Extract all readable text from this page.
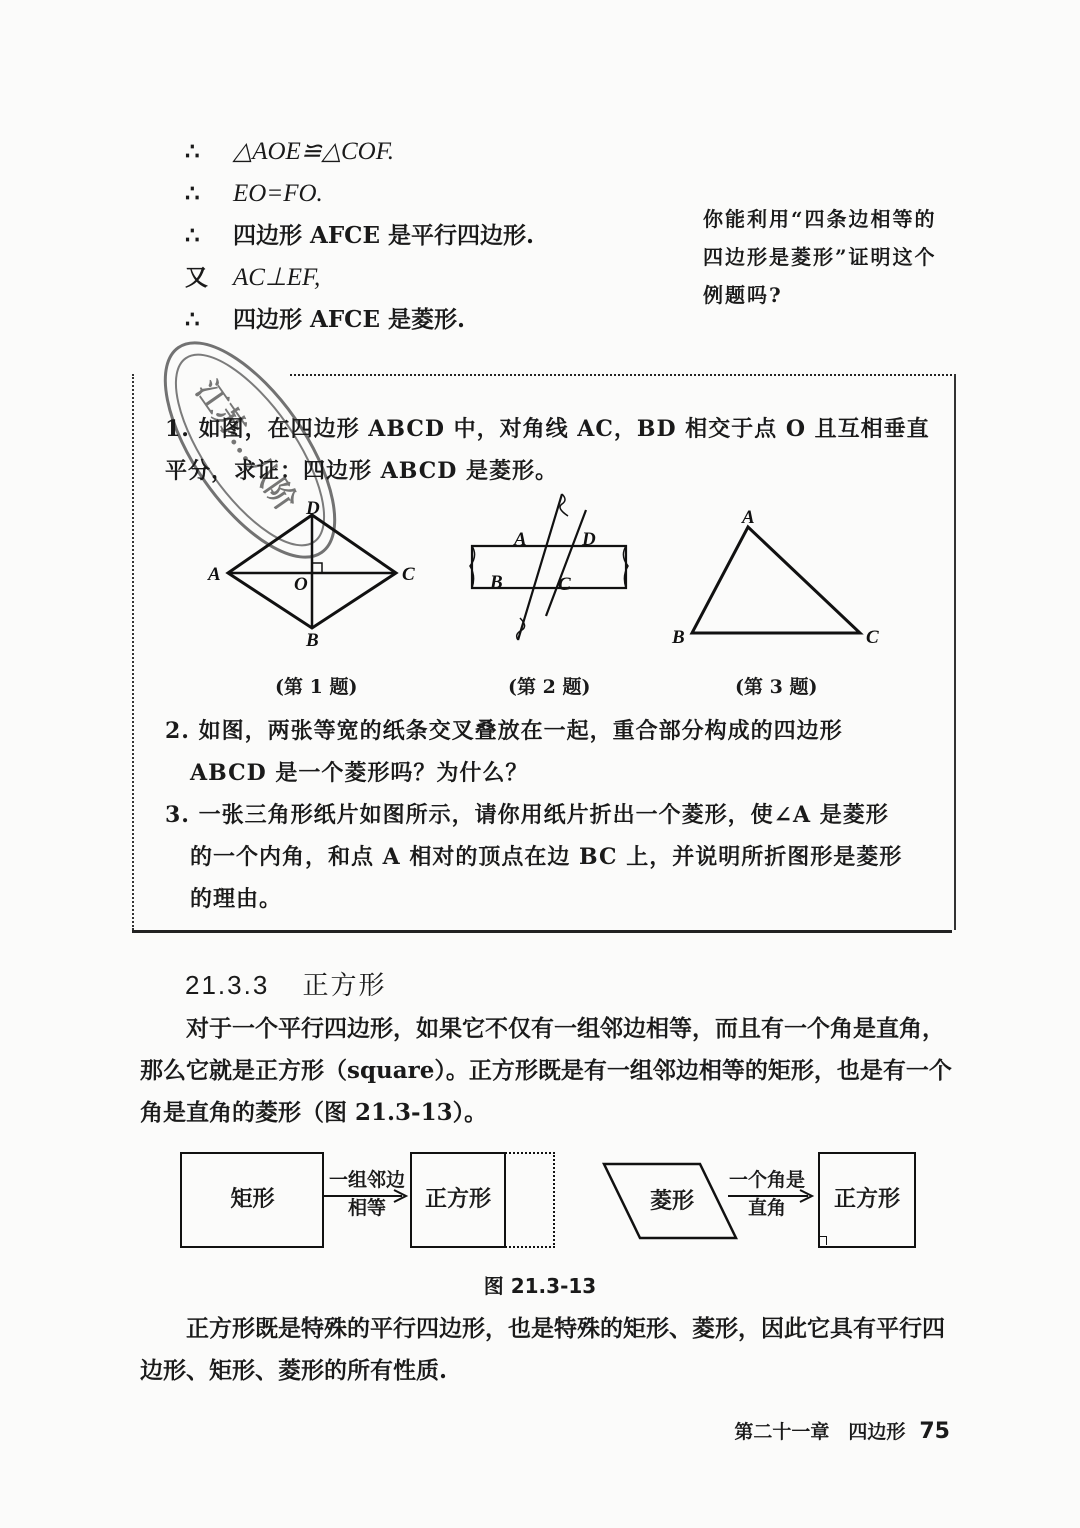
∴ △AOE≌△COF.
∴ EO=FO.
∴ 四边形 AFCE 是平行四边形.
又 AC⊥EF,
∴ 四边形 AFCE 是菱形.
你能利用“四条边相等的四边形是菱形”证明这个例题吗?
江苏…八阶
1. 如图，在四边形 ABCD 中，对角线 AC，BD 相交于点 O 且互相垂直平分，求证：四边形 ABCD 是菱形。
A
B
C
D
O
A
B	C
D
A
B	C
(第 1 题)	(第 2 题)	(第 3 题)
2. 如图，两张等宽的纸条交叉叠放在一起，重合部分构成的四边形
ABCD 是一个菱形吗？为什么？
3. 一张三角形纸片如图所示，请你用纸片折出一个菱形，使∠A 是菱形
的一个内角，和点 A 相对的顶点在边 BC 上，并说明所折图形是菱形
的理由。
21.3.3 正方形
对于一个平行四边形，如果它不仅有一组邻边相等，而且有一个角是直角，那么它就是正方形（square）。正方形既是有一组邻边相等的矩形，也是有一个角是直角的菱形（图 21.3-13）。
矩形
一组邻边
相等	正方形	菱形
一个角是
直角	正方形
图 21.3-13
正方形既是特殊的平行四边形，也是特殊的矩形、菱形，因此它具有平行四边形、矩形、菱形的所有性质.
第二十一章　四边形 75
